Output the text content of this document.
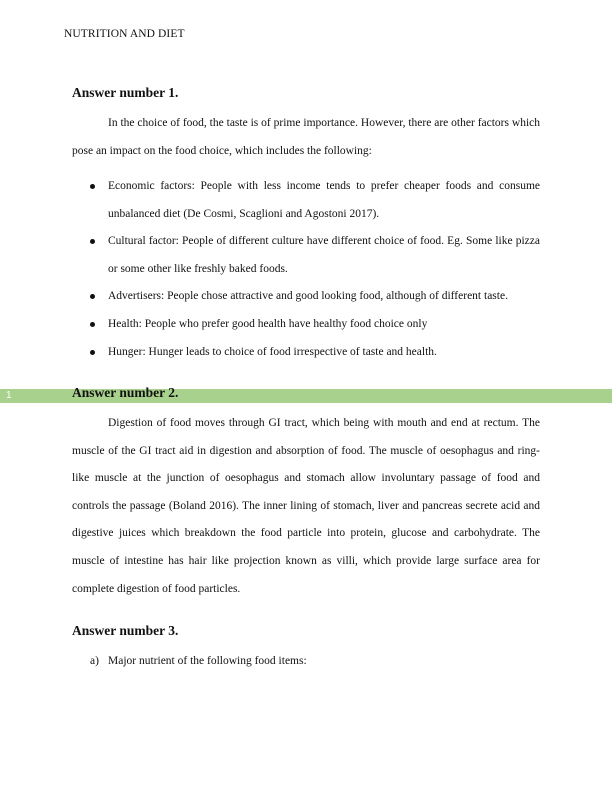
NUTRITION AND DIET
Answer number 1.

In the choice of food, the taste is of prime importance. However, there are other factors which pose an impact on the food choice, which includes the following:

Economic factors: People with less income tends to prefer cheaper foods and consume unbalanced diet (De Cosmi, Scaglioni and Agostoni 2017).
Cultural factor: People of different culture have different choice of food. Eg. Some like pizza or some other like freshly baked foods.
Advertisers: People chose attractive and good looking food, although of different taste.
Health: People who prefer good health have healthy food choice only
Hunger: Hunger leads to choice of food irrespective of taste and health.
1	Answer number 2.

Digestion of food moves through GI tract, which being with mouth and end at rectum. The muscle of the GI tract aid in digestion and absorption of food. The muscle of oesophagus and ring-like muscle at the junction of oesophagus and stomach allow involuntary passage of food and controls the passage (Boland 2016). The inner lining of stomach, liver and pancreas secrete acid and digestive juices which breakdown the food particle into protein, glucose and carbohydrate. The muscle of intestine has hair like projection known as villi, which provide large surface area for complete digestion of food particles.

Answer number 3.
a) Major nutrient of the following food items:
